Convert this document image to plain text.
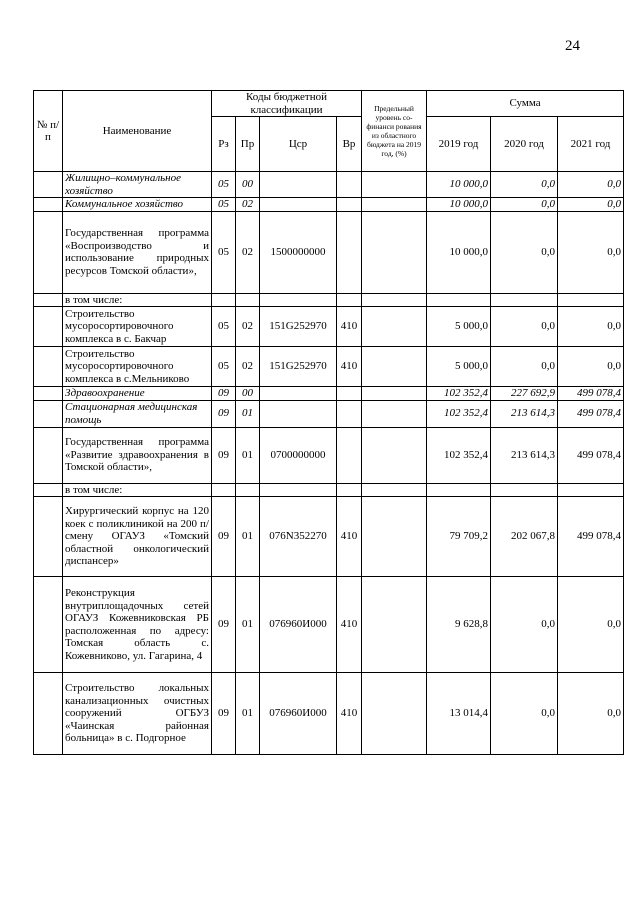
24
№ п/п	Наименование	Коды бюджетной классификации				Предельный уровень со-финанси рования из областного бюджета на 2019 год, (%)	Сумма		
		Рз	Пр	Цср	Вр		2019 год	2020 год	2021 год
	Жилищно–коммунальное хозяйство	05	00				10 000,0	0,0	0,0
	Коммунальное хозяйство	05	02				10 000,0	0,0	0,0
	Государственная программа «Воспроизводство и использование природных ресурсов Томской области»,	05	02	1500000000			10 000,0	0,0	0,0
	в том числе:								
	Строительство мусоросортировочного комплекса в с. Бакчар	05	02	151G252970	410		5 000,0	0,0	0,0
	Строительство мусоросортировочного комплекса в с.Мельниково	05	02	151G252970	410		5 000,0	0,0	0,0
	Здравоохранение	09	00				102 352,4	227 692,9	499 078,4
	Стационарная медицинская помощь	09	01				102 352,4	213 614,3	499 078,4
	Государственная программа «Развитие здравоохранения в Томской области»,	09	01	0700000000			102 352,4	213 614,3	499 078,4
	в том числе:								
	Хирургический корпус на 120 коек с поликлиникой на 200 п/смену ОГАУЗ «Томский областной онкологический диспансер»	09	01	076N352270	410		79 709,2	202 067,8	499 078,4
	Реконструкция внутриплощадочных сетей ОГАУЗ Кожевниковская РБ расположенная по адресу: Томская область с. Кожевниково, ул. Гагарина, 4	09	01	076960И000	410		9 628,8	0,0	0,0
	Строительство локальных канализационных очистных сооружений ОГБУЗ «Чаинская районная больница» в с. Подгорное	09	01	076960И000	410		13 014,4	0,0	0,0
